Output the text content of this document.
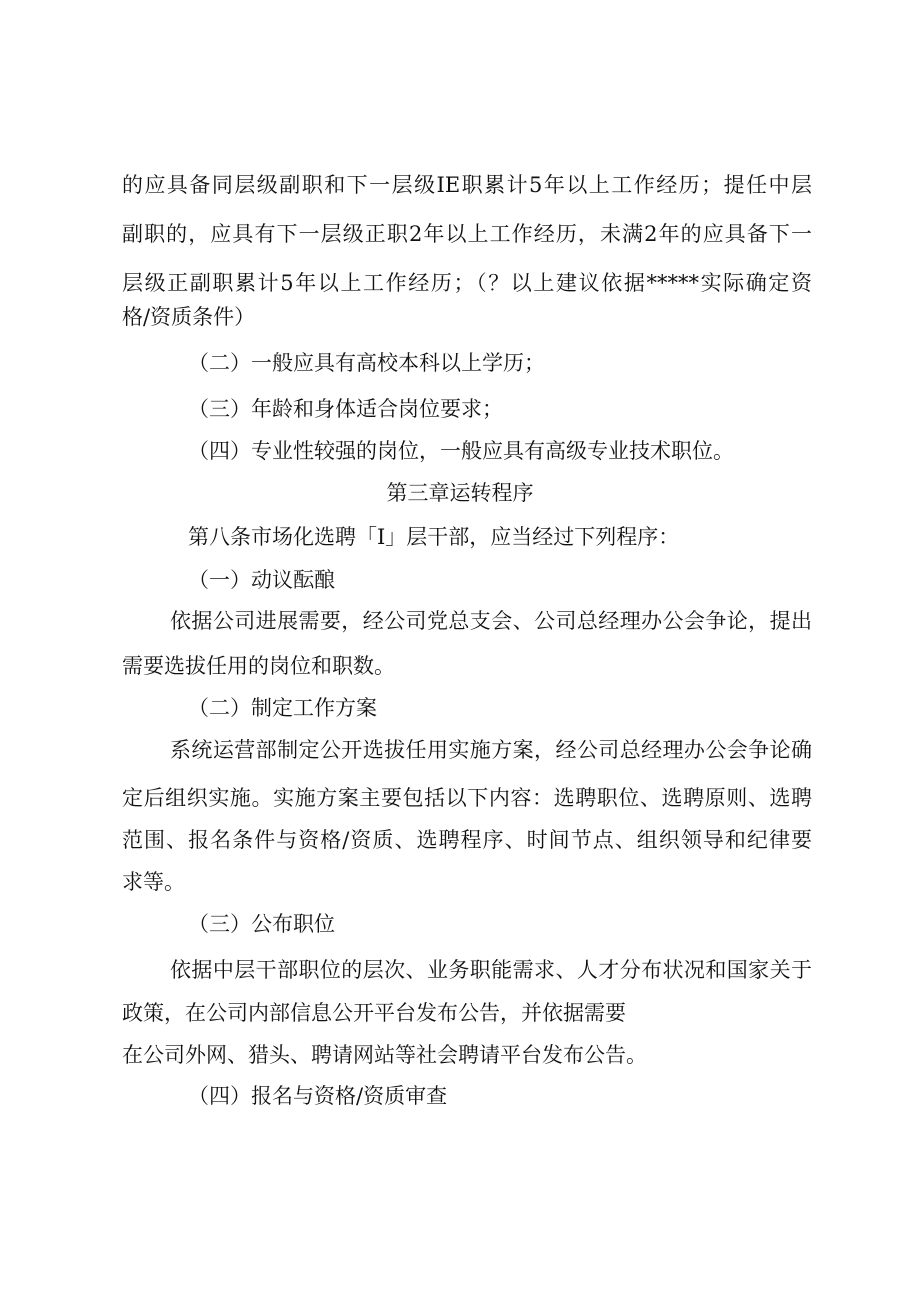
的应具备同层级副职和下一层级IE职累计5年以上工作经历；提任中层
副职的，应具有下一层级正职2年以上工作经历，未满2年的应具备下一
层级正副职累计5年以上工作经历；（？以上建议依据*****实际确定资
格/资质条件）
（二）一般应具有高校本科以上学历；
（三）年龄和身体适合岗位要求；
（四）专业性较强的岗位，一般应具有高级专业技术职位。
第三章运转程序
第八条市场化选聘「I」层干部，应当经过下列程序：
（一）动议酝酿
依据公司进展需要，经公司党总支会、公司总经理办公会争论，提出
需要选拔任用的岗位和职数。
（二）制定工作方案
系统运营部制定公开选拔任用实施方案，经公司总经理办公会争论确
定后组织实施。实施方案主要包括以下内容：选聘职位、选聘原则、选聘
范围、报名条件与资格/资质、选聘程序、时间节点、组织领导和纪律要
求等。
（三）公布职位
依据中层干部职位的层次、业务职能需求、人才分布状况和国家关于
政策，在公司内部信息公开平台发布公告，并依据需要
在公司外网、猎头、聘请网站等社会聘请平台发布公告。
（四）报名与资格/资质审查
